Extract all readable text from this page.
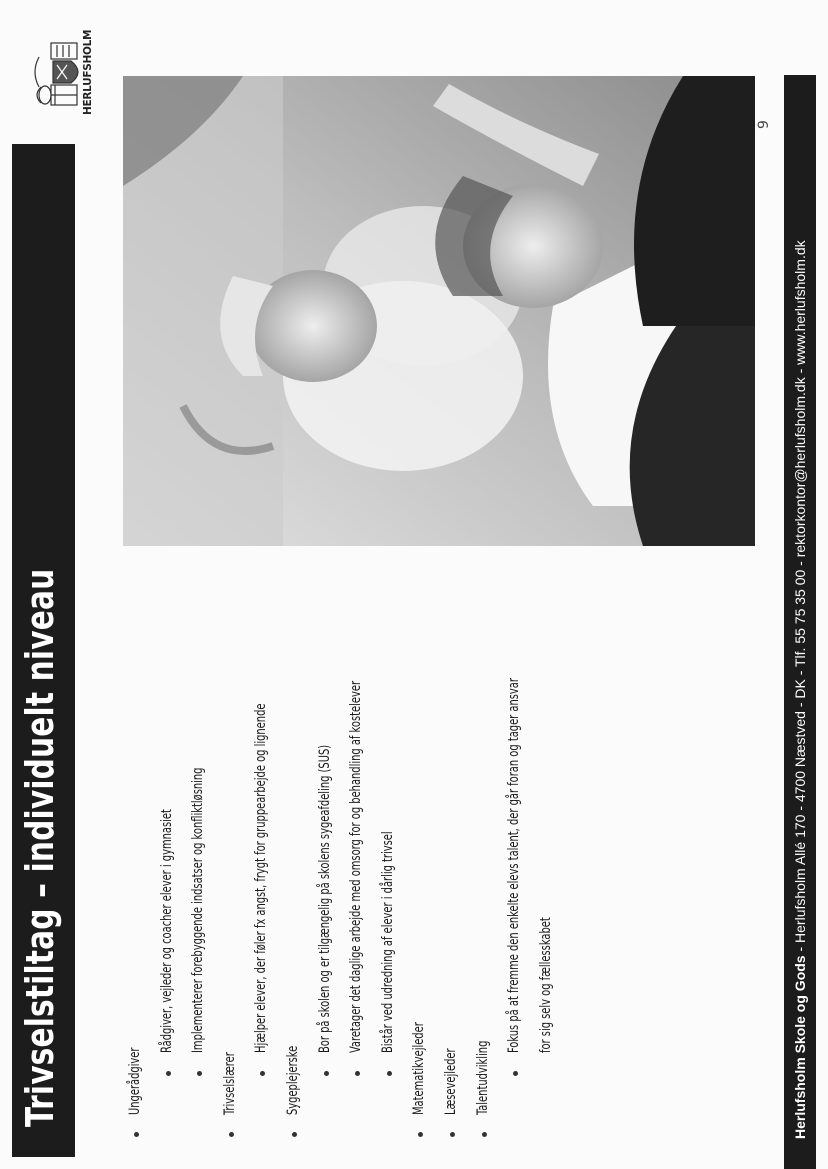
Trivselstiltag – individuelt niveau
HERLUFSHOLM
Ungerådgiver
Rådgiver, vejleder og coacher elever i gymnasiet	Implementerer forebyggende indsatser og konfliktløsning
Trivselslærer
Hjælper elever, der føler fx angst, frygt for gruppearbejde og lignende
Sygeplejerske
Bor på skolen og er tilgængelig på skolens sygeafdeling (SUS)	Varetager det daglige arbejde med omsorg for og behandling af kostelever	Bistår ved udredning af elever i dårlig trivsel
Matematikvejleder	Læsevejleder	Talentudvikling
Fokus på at fremme den enkelte elevs talent, der går foran og tager ansvar	for sig selv og fællesskabet
9
Herlufsholm Skole og Gods - Herlufsholm Allé 170 - 4700 Næstved - DK - Tlf. 55 75 35 00 - rektorkontor@herlufsholm.dk - www.herlufsholm.dk
